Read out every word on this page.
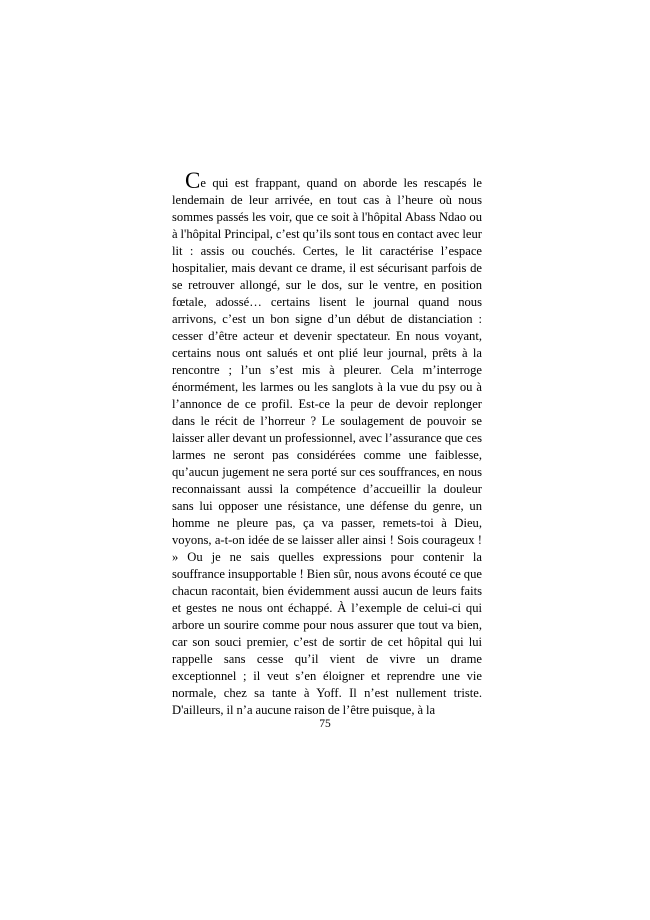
Ce qui est frappant, quand on aborde les rescapés le lendemain de leur arrivée, en tout cas à l’heure où nous sommes passés les voir, que ce soit à l'hôpital Abass Ndao ou à l'hôpital Principal, c’est qu’ils sont tous en contact avec leur lit : assis ou couchés. Certes, le lit caractérise l’espace hospitalier, mais devant ce drame, il est sécurisant parfois de se retrouver allongé, sur le dos, sur le ventre, en position fœtale, adossé… certains lisent le journal quand nous arrivons, c’est un bon signe d’un début de distanciation : cesser d’être acteur et devenir spectateur. En nous voyant, certains nous ont salués et ont plié leur journal, prêts à la rencontre ; l’un s’est mis à pleurer. Cela m’interroge énormément, les larmes ou les sanglots à la vue du psy ou à l’annonce de ce profil. Est-ce la peur de devoir replonger dans le récit de l’horreur ? Le soulagement de pouvoir se laisser aller devant un professionnel, avec l’assurance que ces larmes ne seront pas considérées comme une faiblesse, qu’aucun jugement ne sera porté sur ces souffrances, en nous reconnaissant aussi la compétence d’accueillir la douleur sans lui opposer une résistance, une défense du genre, un homme ne pleure pas, ça va passer, remets-toi à Dieu, voyons, a-t-on idée de se laisser aller ainsi ! Sois courageux ! » Ou je ne sais quelles expressions pour contenir la souffrance insupportable ! Bien sûr, nous avons écouté ce que chacun racontait, bien évidemment aussi aucun de leurs faits et gestes ne nous ont échappé. À l’exemple de celui-ci qui arbore un sourire comme pour nous assurer que tout va bien, car son souci premier, c’est de sortir de cet hôpital qui lui rappelle sans cesse qu’il vient de vivre un drame exceptionnel ; il veut s’en éloigner et reprendre une vie normale, chez sa tante à Yoff. Il n’est nullement triste. D'ailleurs, il n’a aucune raison de l’être puisque, à la

75
